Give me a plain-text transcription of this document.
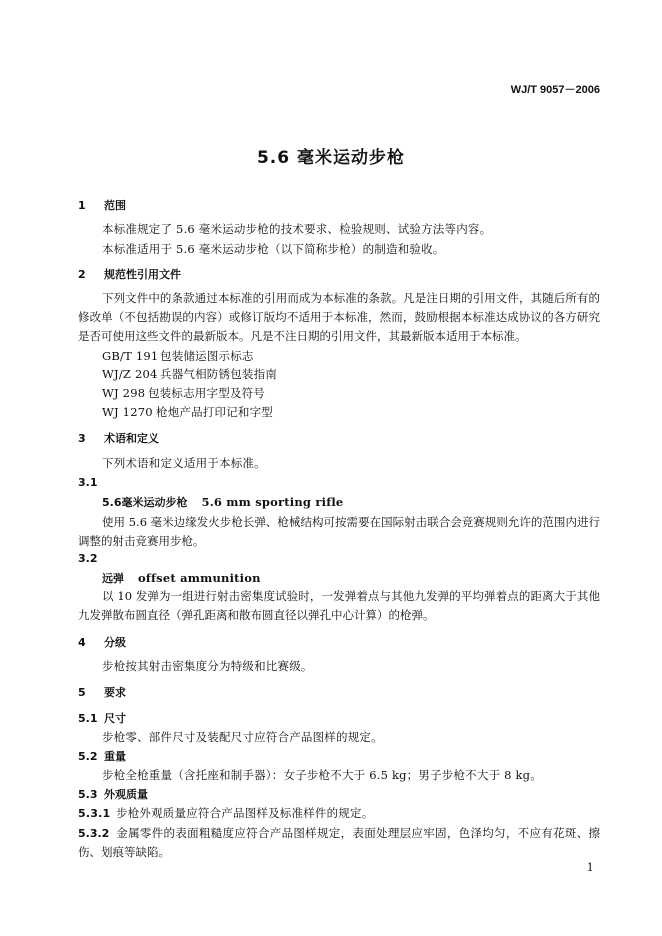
WJ/T 9057－2006
5.6 毫米运动步枪
1 范围
本标准规定了 5.6 毫米运动步枪的技术要求、检验规则、试验方法等内容。
本标准适用于 5.6 毫米运动步枪（以下简称步枪）的制造和验收。
2 规范性引用文件
下列文件中的条款通过本标准的引用而成为本标准的条款。凡是注日期的引用文件，其随后所有的修改单（不包括勘误的内容）或修订版均不适用于本标准，然而，鼓励根据本标准达成协议的各方研究是否可使用这些文件的最新版本。凡是不注日期的引用文件，其最新版本适用于本标准。
GB/T 191 包装储运图示标志
WJ/Z 204 兵器气相防锈包装指南
WJ 298 包装标志用字型及符号
WJ 1270 枪炮产品打印记和字型
3 术语和定义
下列术语和定义适用于本标准。
3.1
5.6毫米运动步枪 5.6 mm sporting rifle
使用 5.6 毫米边缘发火步枪长弹、枪械结构可按需要在国际射击联合会竞赛规则允许的范围内进行调整的射击竞赛用步枪。
3.2
远弹 offset ammunition
以 10 发弹为一组进行射击密集度试验时，一发弹着点与其他九发弹的平均弹着点的距离大于其他九发弹散布圆直径（弹孔距离和散布圆直径以弹孔中心计算）的枪弹。
4 分级
步枪按其射击密集度分为特级和比赛级。
5 要求
5.1 尺寸
步枪零、部件尺寸及装配尺寸应符合产品图样的规定。
5.2 重量
步枪全枪重量（含托座和制手器）：女子步枪不大于 6.5 kg；男子步枪不大于 8 kg。
5.3 外观质量
5.3.1 步枪外观质量应符合产品图样及标准样件的规定。
5.3.2 金属零件的表面粗糙度应符合产品图样规定，表面处理层应牢固，色泽均匀，不应有花斑、擦伤、划痕等缺陷。
1
